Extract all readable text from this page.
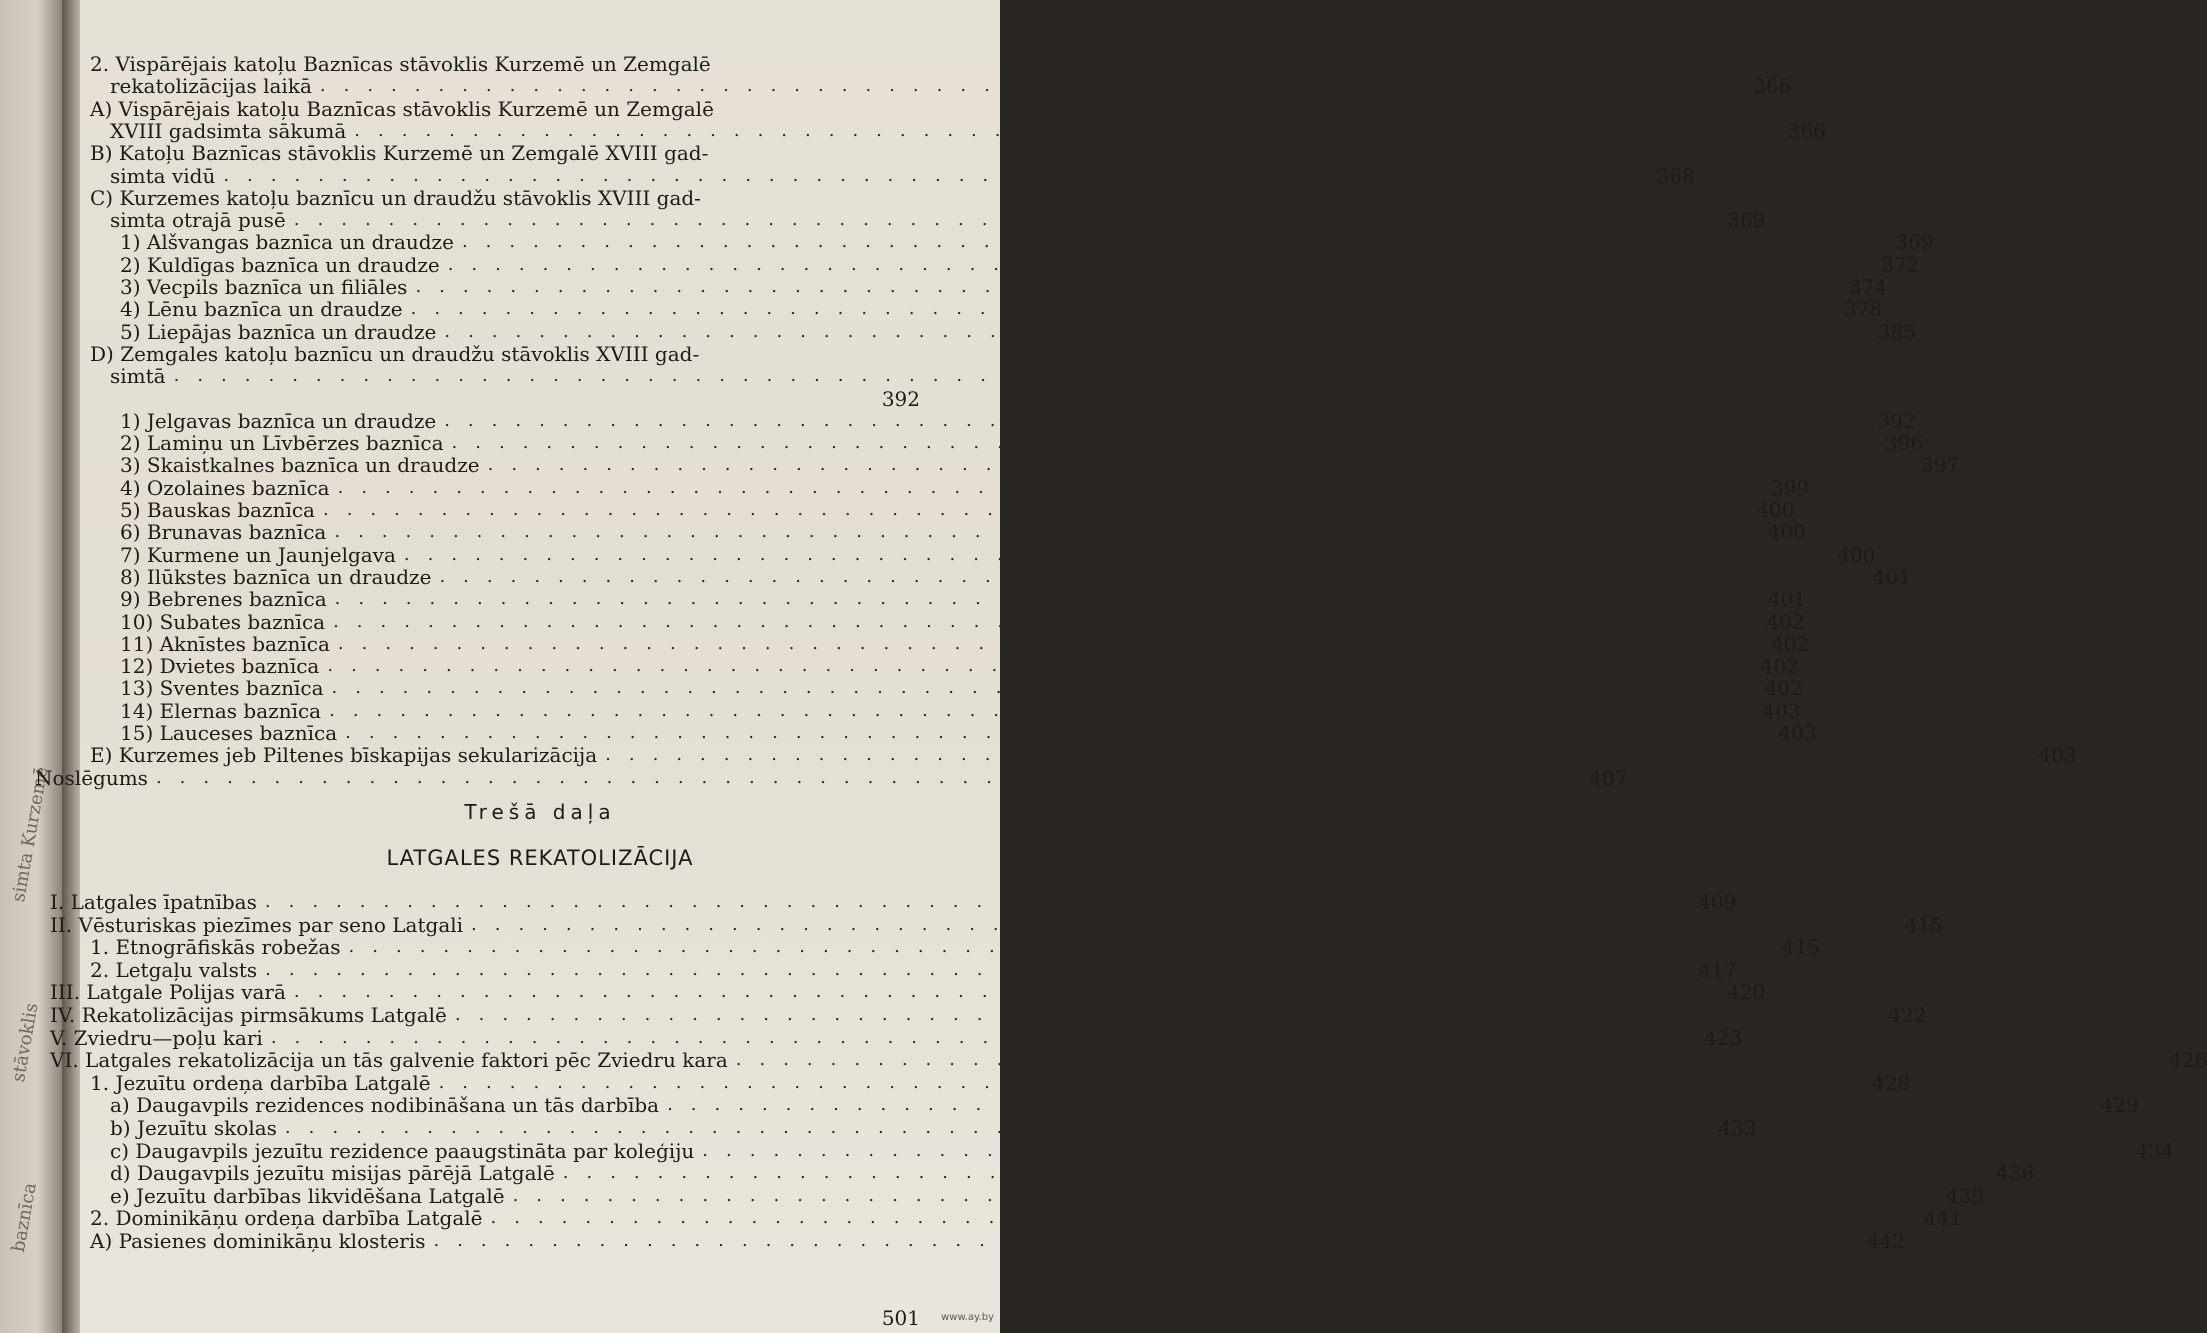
simta Kurzemē
stāvoklis
baznīca
2. Vispārējais katoļu Baznīcas stāvoklis Kurzemē un Zemgalē
rekatolizācijas laikā ............................................................ 366
A) Vispārējais katoļu Baznīcas stāvoklis Kurzemē un Zemgalē
XVIII gadsimta sākumā ............................................................ 366
B) Katoļu Baznīcas stāvoklis Kurzemē un Zemgalē XVIII gad-
simta vidū ............................................................ 368
C) Kurzemes katoļu baznīcu un draudžu stāvoklis XVIII gad-
simta otrajā pusē ............................................................ 369
1) Alšvangas baznīca un draudze ............................................................ 369
2) Kuldīgas baznīca un draudze ............................................................ 372
3) Vecpils baznīca un filiāles ............................................................ 374
4) Lēnu baznīca un draudze ............................................................ 378
5) Liepājas baznīca un draudze ............................................................ 385
D) Zemgales katoļu baznīcu un draudžu stāvoklis XVIII gad-
simtā ............................................................
392
1) Jelgavas baznīca un draudze ............................................................ 392
2) Lamiņu un Līvbērzes baznīca ............................................................ 396
3) Skaistkalnes baznīca un draudze ............................................................ 397
4) Ozolaines baznīca ............................................................ 399
5) Bauskas baznīca ............................................................ 400
6) Brunavas baznīca ............................................................ 400
7) Kurmene un Jaunjelgava ............................................................ 400
8) Ilūkstes baznīca un draudze ............................................................ 401
9) Bebrenes baznīca ............................................................ 401
10) Subates baznīca ............................................................ 402
11) Aknīstes baznīca ............................................................ 402
12) Dvietes baznīca ............................................................ 402
13) Sventes baznīca ............................................................ 402
14) Elernas baznīca ............................................................ 403
15) Lauceses baznīca ............................................................ 403
E) Kurzemes jeb Piltenes bīskapijas sekularizācija ............................................................ 403
Noslēgums ............................................................ 407
Trešā daļa
LATGALES REKATOLIZĀCIJA
I. Latgales īpatnības ............................................................ 409
II. Vēsturiskas piezīmes par seno Latgali ............................................................ 415
1. Etnogrāfiskās robežas ............................................................ 415
2. Letgaļu valsts ............................................................ 417
III. Latgale Polijas varā ............................................................ 420
IV. Rekatolizācijas pirmsākums Latgalē ............................................................ 422
V. Zviedru—poļu kari ............................................................ 423
VI. Latgales rekatolizācija un tās galvenie faktori pēc Zviedru kara ............................................................ 426
1. Jezuītu ordeņa darbība Latgalē ............................................................ 428
a) Daugavpils rezidences nodibināšana un tās darbība ............................................................ 429
b) Jezuītu skolas ............................................................ 433
c) Daugavpils jezuītu rezidence paaugstināta par koleģiju ............................................................ 434
d) Daugavpils jezuītu misijas pārējā Latgalē ............................................................ 436
e) Jezuītu darbības likvidēšana Latgalē ............................................................ 439
2. Dominikāņu ordeņa darbība Latgalē ............................................................ 441
A) Pasienes dominikāņu klosteris ............................................................ 442
501 www.ay.by
